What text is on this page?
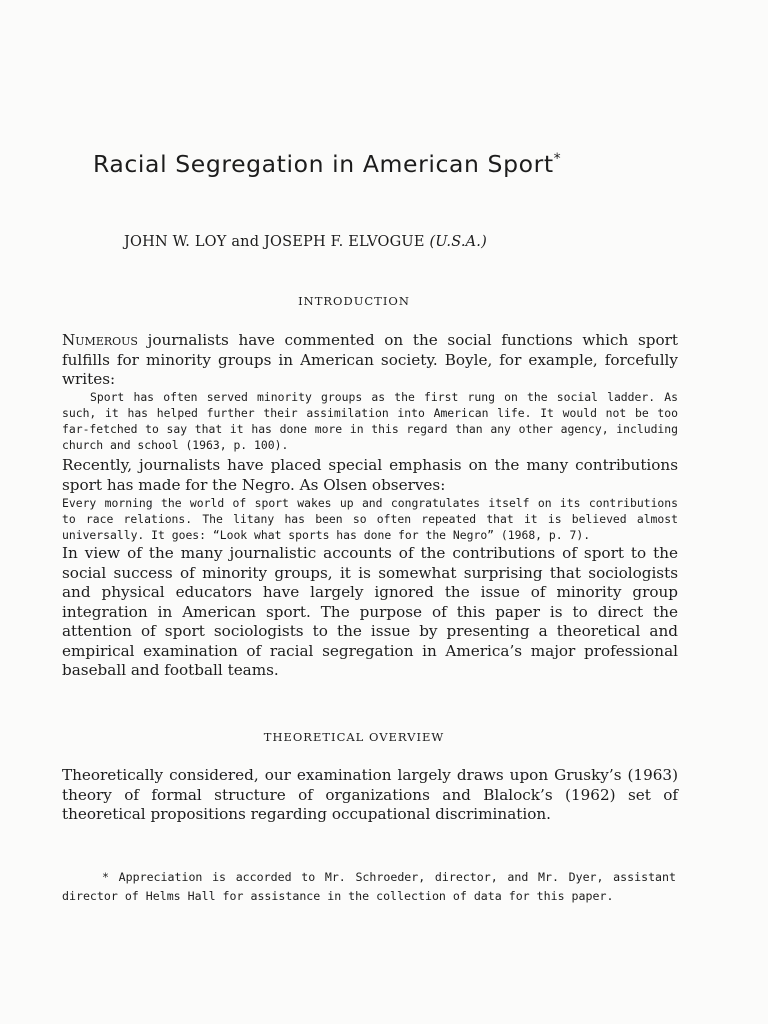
Racial Segregation in American Sport*
JOHN W. LOY and JOSEPH F. ELVOGUE (U.S.A.)
INTRODUCTION

Numerous journalists have commented on the social functions which sport fulfills for minority groups in American society. Boyle, for example, forcefully writes:

Sport has often served minority groups as the first rung on the social ladder. As such, it has helped further their assimilation into American life. It would not be too far-fetched to say that it has done more in this regard than any other agency, including church and school (1963, p. 100).

Recently, journalists have placed special emphasis on the many contributions sport has made for the Negro. As Olsen observes:

Every morning the world of sport wakes up and congratulates itself on its contributions to race relations. The litany has been so often repeated that it is believed almost universally. It goes: “Look what sports has done for the Negro” (1968, p. 7).

In view of the many journalistic accounts of the contributions of sport to the social success of minority groups, it is somewhat surprising that sociologists and physical educators have largely ignored the issue of minority group integration in American sport. The purpose of this paper is to direct the attention of sport sociologists to the issue by presenting a theoretical and empirical examination of racial segregation in America’s major professional baseball and football teams.

THEORETICAL OVERVIEW

Theoretically considered, our examination largely draws upon Grusky’s (1963) theory of formal structure of organizations and Blalock’s (1962) set of theoretical propositions regarding occupational discrimination.

* Appreciation is accorded to Mr. Schroeder, director, and Mr. Dyer, assistant director of Helms Hall for assistance in the collection of data for this paper.
